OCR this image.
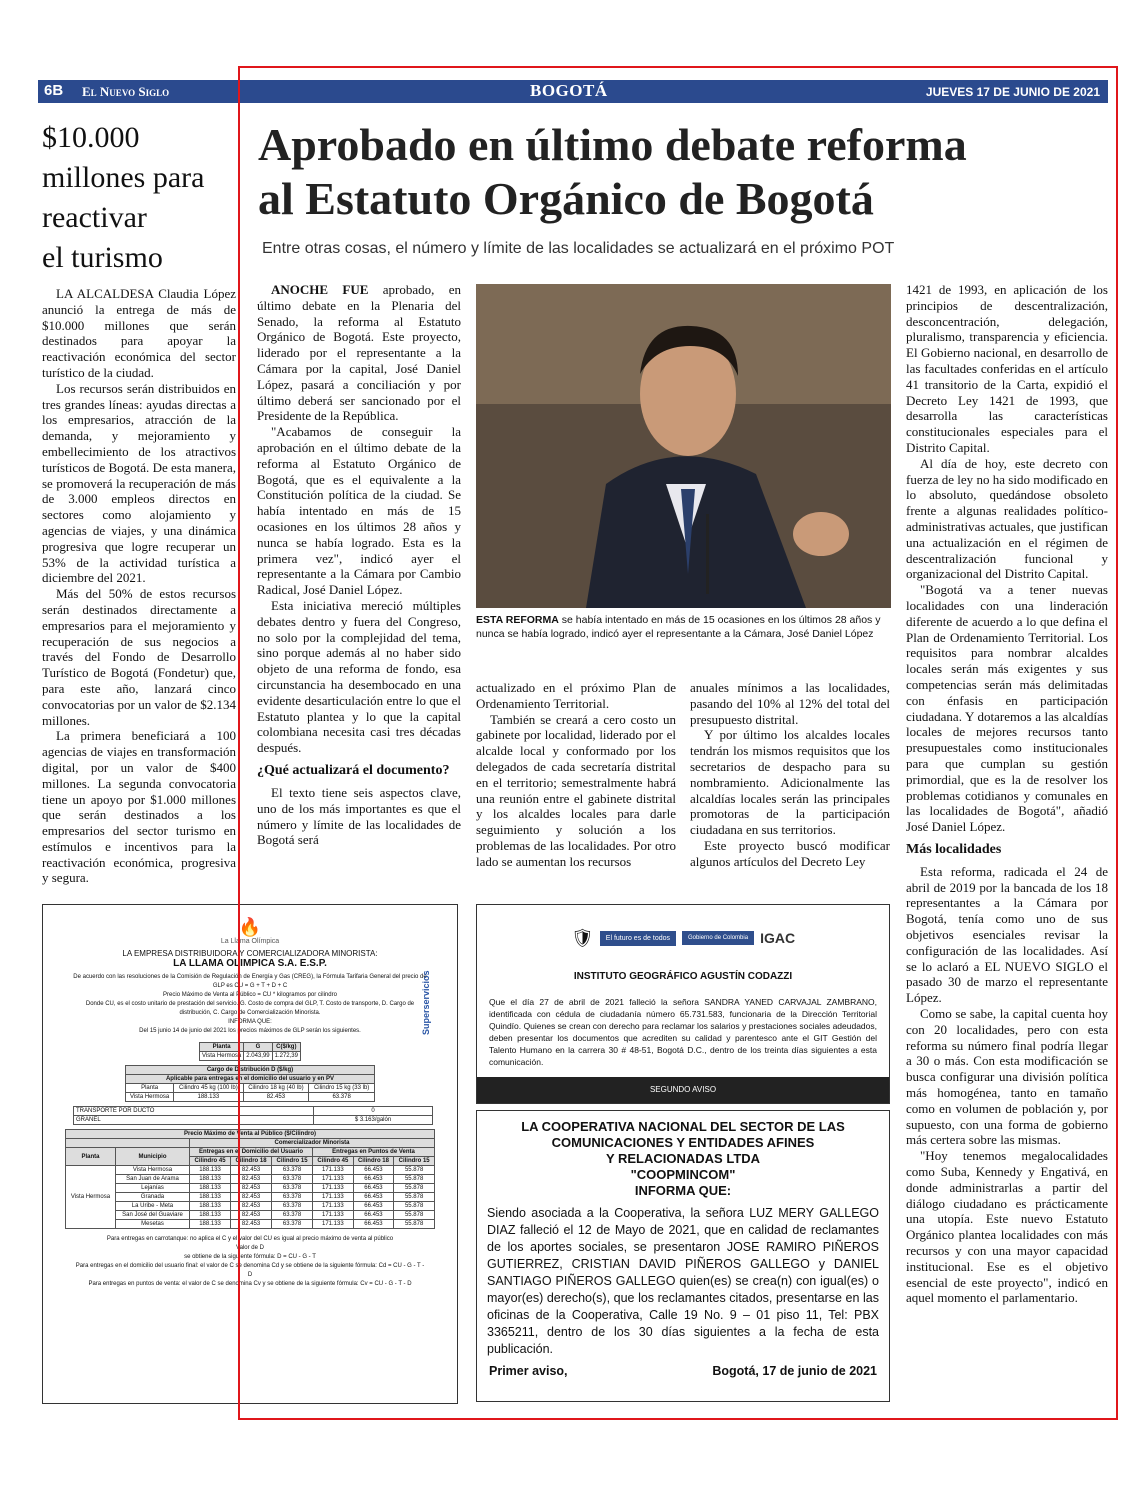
6B El Nuevo Siglo	BOGOTÁ	JUEVES 17 DE JUNIO DE 2021
$10.000
millones para
reactivar
el turismo

LA ALCALDESA Claudia López anunció la entrega de más de $10.000 millones que serán destinados para apoyar la reactivación económica del sector turístico de la ciudad.

Los recursos serán distribuidos en tres grandes líneas: ayudas directas a los empresarios, atracción de la demanda, y mejoramiento y embellecimiento de los atractivos turísticos de Bogotá. De esta manera, se promoverá la recuperación de más de 3.000 empleos directos en sectores como alojamiento y agencias de viajes, y una dinámica progresiva que logre recuperar un 53% de la actividad turística a diciembre del 2021.

Más del 50% de estos recursos serán destinados directamente a empresarios para el mejoramiento y recuperación de sus negocios a través del Fondo de Desarrollo Turístico de Bogotá (Fondetur) que, para este año, lanzará cinco convocatorias por un valor de $2.134 millones.

La primera beneficiará a 100 agencias de viajes en transformación digital, por un valor de $400 millones. La segunda convocatoria tiene un apoyo por $1.000 millones que serán destinados a los empresarios del sector turismo en estímulos e incentivos para la reactivación económica, progresiva y segura.

Aprobado en último debate reforma
al Estatuto Orgánico de Bogotá
Entre otras cosas, el número y límite de las localidades se actualizará en el próximo POT

ANOCHE FUE aprobado, en último debate en la Plenaria del Senado, la reforma al Estatuto Orgánico de Bogotá. Este proyecto, liderado por el representante a la Cámara por la capital, José Daniel López, pasará a conciliación y por último deberá ser sancionado por el Presidente de la República.

"Acabamos de conseguir la aprobación en el último debate de la reforma al Estatuto Orgánico de Bogotá, que es el equivalente a la Constitución política de la ciudad. Se había intentado en más de 15 ocasiones en los últimos 28 años y nunca se había logrado. Esta es la primera vez", indicó ayer el representante a la Cámara por Cambio Radical, José Daniel López.

Esta iniciativa mereció múltiples debates dentro y fuera del Congreso, no solo por la complejidad del tema, sino porque además al no haber sido objeto de una reforma de fondo, esa circunstancia ha desembocado en una evidente desarticulación entre lo que el Estatuto plantea y lo que la capital colombiana necesita casi tres décadas después.

¿Qué actualizará el documento?

El texto tiene seis aspectos clave, uno de los más importantes es que el número y límite de las localidades de Bogotá será

ESTA REFORMA se había intentado en más de 15 ocasiones en los últimos 28 años y nunca se había logrado, indicó ayer el representante a la Cámara, José Daniel López

actualizado en el próximo Plan de Ordenamiento Territorial.

También se creará a cero costo un gabinete por localidad, liderado por el alcalde local y conformado por los delegados de cada secretaría distrital en el territorio; semestralmente habrá una reunión entre el gabinete distrital y los alcaldes locales para darle seguimiento y solución a los problemas de las localidades. Por otro lado se aumentan los recursos

anuales mínimos a las localidades, pasando del 10% al 12% del total del presupuesto distrital.

Y por último los alcaldes locales tendrán los mismos requisitos que los secretarios de despacho para su nombramiento. Adicionalmente las alcaldías locales serán las principales promotoras de la participación ciudadana en sus territorios.

Este proyecto buscó modificar algunos artículos del Decreto Ley

1421 de 1993, en aplicación de los principios de descentralización, desconcentración, delegación, pluralismo, transparencia y eficiencia. El Gobierno nacional, en desarrollo de las facultades conferidas en el artículo 41 transitorio de la Carta, expidió el Decreto Ley 1421 de 1993, que desarrolla las características constitucionales especiales para el Distrito Capital.

Al día de hoy, este decreto con fuerza de ley no ha sido modificado en lo absoluto, quedándose obsoleto frente a algunas realidades político-administrativas actuales, que justifican una actualización en el régimen de descentralización funcional y organizacional del Distrito Capital.

"Bogotá va a tener nuevas localidades con una linderación diferente de acuerdo a lo que defina el Plan de Ordenamiento Territorial. Los requisitos para nombrar alcaldes locales serán más exigentes y sus competencias serán más delimitadas con énfasis en participación ciudadana. Y dotaremos a las alcaldías locales de mejores recursos tanto presupuestales como institucionales para que cumplan su gestión primordial, que es la de resolver los problemas cotidianos y comunales en las localidades de Bogotá", añadió José Daniel López.

Más localidades

Esta reforma, radicada el 24 de abril de 2019 por la bancada de los 18 representantes a la Cámara por Bogotá, tenía como uno de sus objetivos esenciales revisar la configuración de las localidades. Así se lo aclaró a EL NUEVO SIGLO el pasado 30 de marzo el representante López.

Como se sabe, la capital cuenta hoy con 20 localidades, pero con esta reforma su número final podría llegar a 30 o más. Con esta modificación se busca configurar una división política más homogénea, tanto en tamaño como en volumen de población y, por supuesto, con una forma de gobierno más certera sobre las mismas.

"Hoy tenemos megalocalidades como Suba, Kennedy y Engativá, en donde administrarlas a partir del diálogo ciudadano es prácticamente una utopía. Este nuevo Estatuto Orgánico plantea localidades con más recursos y con una mayor capacidad institucional. Ese es el objetivo esencial de este proyecto", indicó en aquel momento el parlamentario.

🔥
La Llama Olímpica
LA EMPRESA DISTRIBUIDORA Y COMERCIALIZADORA MINORISTA:
LA LLAMA OLIMPICA S.A. E.S.P.
De acuerdo con las resoluciones de la Comisión de Regulación de Energía y Gas (CREG), la Fórmula Tarifaria General del precio de GLP es CU = G + T + D + C
Precio Máximo de Venta al Público = CU * kilogramos por cilindro
Donde CU, es el costo unitario de prestación del servicio. G. Costo de compra del GLP, T. Costo de transporte, D. Cargo de distribución, C. Cargo de Comercialización Minorista.
INFORMA QUE:
Del 15 junio 14 de junio del 2021 los precios máximos de GLP serán los siguientes.
Planta	G	C($/kg)
Vista Hermosa	2.043,99	1.272,39
Cargo de Distribución D ($/kg)			
Aplicable para entregas en el domicilio del usuario y en PV			
Planta	Cilindro 45 kg (100 lb)	Cilindro 18 kg (40 lb)	Cilindro 15 kg (33 lb)
Vista Hermosa	188.133	82.453	63.378
TRANSPORTE POR DUCTO	0
GRANEL	$ 3.163/galón
Precio Máximo de Venta al Público ($/Cilindro)							
		Comercializador Minorista					
Planta	Municipio	Entregas en el Domicilio del Usuario			Entregas en Puntos de Venta		
		Cilindro 45	Cilindro 18	Cilindro 15	Cilindro 45	Cilindro 18	Cilindro 15
Vista Hermosa	Vista Hermosa	188.133	82.453	63.378	171.133	66.453	55.878
	San Juan de Arama	188.133	82.453	63.378	171.133	66.453	55.878
	Lejanías	188.133	82.453	63.378	171.133	66.453	55.878
	Granada	188.133	82.453	63.378	171.133	66.453	55.878
	La Uribe - Meta	188.133	82.453	63.378	171.133	66.453	55.878
	San José del Guaviare	188.133	82.453	63.378	171.133	66.453	55.878
	Mesetas	188.133	82.453	63.378	171.133	66.453	55.878
Para entregas en carrotanque: no aplica el C y el valor del CU es igual al precio máximo de venta al público
Valor de D
se obtiene de la siguiente fórmula: D = CU - G - T
Para entregas en el domicilio del usuario final: el valor de C se denomina Cd y se obtiene de la siguiente fórmula: Cd = CU - G - T - D
Para entregas en puntos de venta: el valor de C se denomina Cv y se obtiene de la siguiente fórmula: Cv = CU - G - T - D
Superservicios
🛡	El futuro es de todos	Gobierno de Colombia IGAC
INSTITUTO GEOGRÁFICO AGUSTÍN CODAZZI
Que el día 27 de abril de 2021 falleció la señora SANDRA YANED CARVAJAL ZAMBRANO, identificada con cédula de ciudadanía número 65.731.583, funcionaria de la Dirección Territorial Quindío. Quienes se crean con derecho para reclamar los salarios y prestaciones sociales adeudados, deben presentar los documentos que acrediten su calidad y parentesco ante el GIT Gestión del Talento Humano en la carrera 30 # 48-51, Bogotá D.C., dentro de los treinta días siguientes a esta comunicación.
SEGUNDO AVISO
LA COOPERATIVA NACIONAL DEL SECTOR DE LAS
COMUNICACIONES Y ENTIDADES AFINES
Y RELACIONADAS LTDA
"COOPMINCOM"
INFORMA QUE:
Siendo asociada a la Cooperativa, la señora LUZ MERY GALLEGO DIAZ falleció el 12 de Mayo de 2021, que en calidad de reclamantes de los aportes sociales, se presentaron JOSE RAMIRO PIÑEROS GUTIERREZ, CRISTIAN DAVID PIÑEROS GALLEGO y DANIEL SANTIAGO PIÑEROS GALLEGO quien(es) se crea(n) con igual(es) o mayor(es) derecho(s), que los reclamantes citados, presentarse en las oficinas de la Cooperativa, Calle 19 No. 9 – 01 piso 11, Tel: PBX 3365211, dentro de los 30 días siguientes a la fecha de esta publicación.
Primer aviso,	Bogotá, 17 de junio de 2021
